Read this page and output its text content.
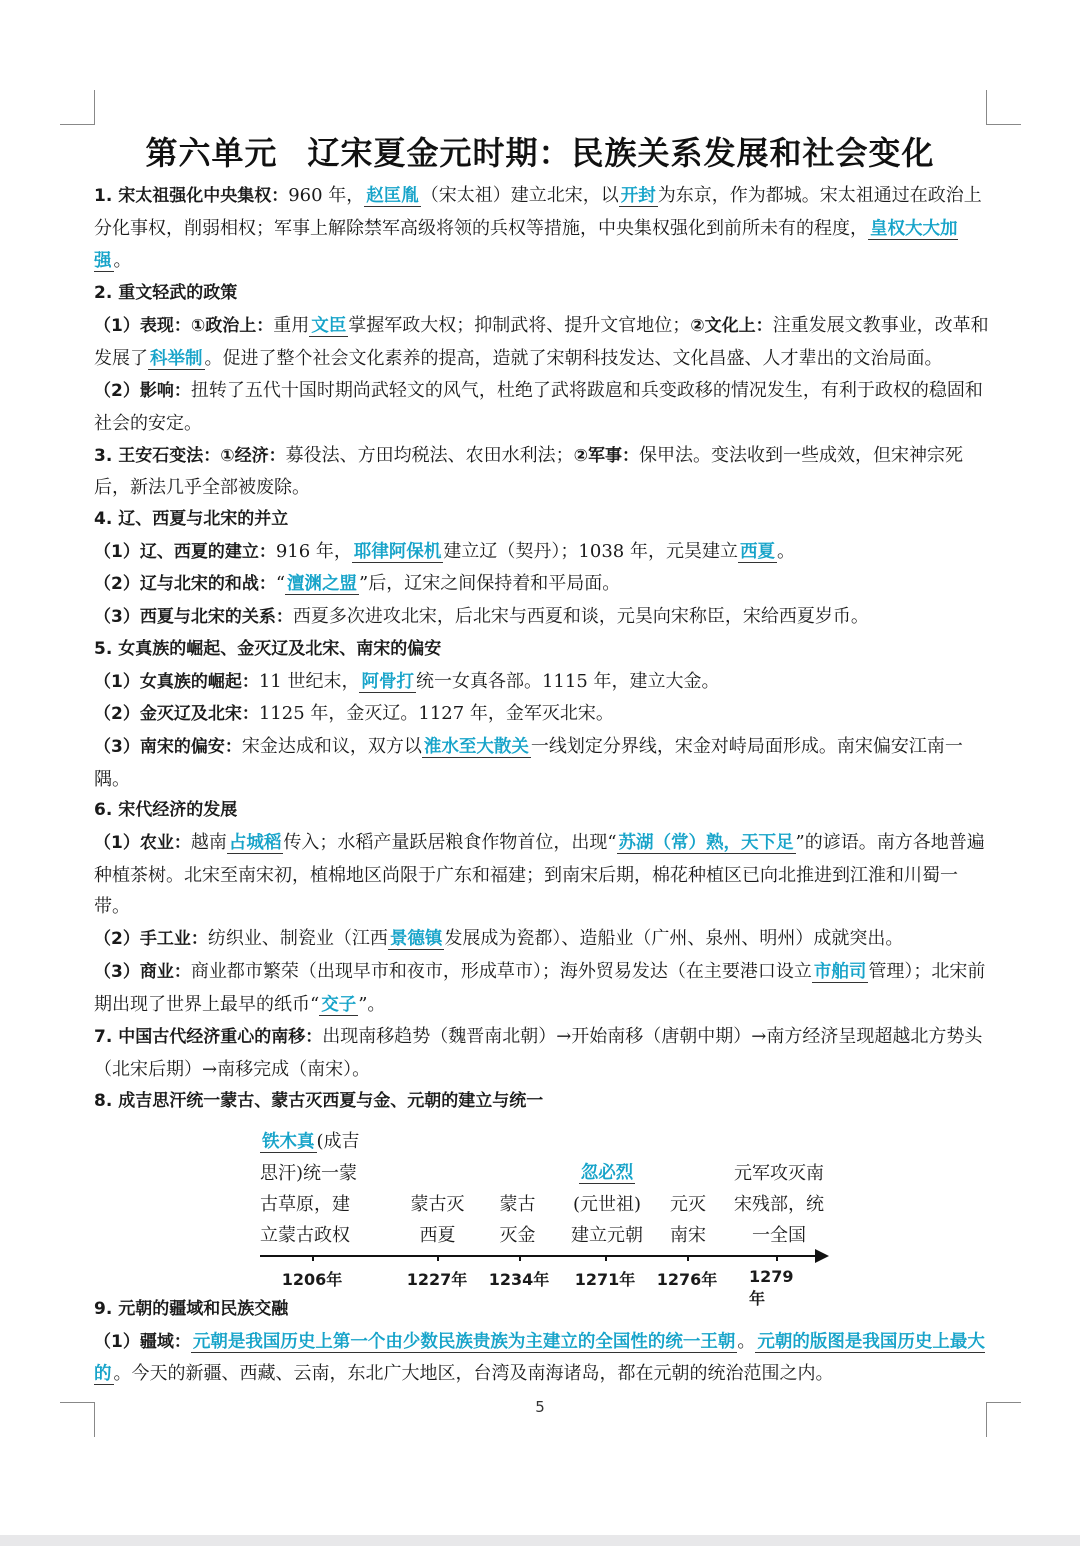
第六单元 辽宋夏金元时期：民族关系发展和社会变化

1. 宋太祖强化中央集权：960 年， 赵匡胤 （宋太祖）建立北宋，以 开封 为东京，作为都城。宋太祖通过在政治上分化事权，削弱相权；军事上解除禁军高级将领的兵权等措施，中央集权强化到前所未有的程度， 皇权大大加强 。

2. 重文轻武的政策

（1）表现：①政治上：重用 文臣 掌握军政大权；抑制武将、提升文官地位；②文化上：注重发展文教事业，改革和发展了 科举制 。促进了整个社会文化素养的提高，造就了宋朝科技发达、文化昌盛、人才辈出的文治局面。

（2）影响：扭转了五代十国时期尚武轻文的风气，杜绝了武将跋扈和兵变政移的情况发生，有利于政权的稳固和社会的安定。

3. 王安石变法：①经济：募役法、方田均税法、农田水利法；②军事：保甲法。变法收到一些成效，但宋神宗死后，新法几乎全部被废除。

4. 辽、西夏与北宋的并立

（1）辽、西夏的建立：916 年， 耶律阿保机 建立辽（契丹）；1038 年，元昊建立 西夏 。

（2）辽与北宋的和战：“ 澶渊之盟 ”后，辽宋之间保持着和平局面。

（3）西夏与北宋的关系：西夏多次进攻北宋，后北宋与西夏和谈，元昊向宋称臣，宋给西夏岁币。

5. 女真族的崛起、金灭辽及北宋、南宋的偏安

（1）女真族的崛起：11 世纪末， 阿骨打 统一女真各部。1115 年，建立大金。

（2）金灭辽及北宋：1125 年，金灭辽。1127 年，金军灭北宋。

（3）南宋的偏安：宋金达成和议，双方以 淮水至大散关 一线划定分界线，宋金对峙局面形成。南宋偏安江南一隅。

6. 宋代经济的发展

（1）农业：越南 占城稻 传入；水稻产量跃居粮食作物首位，出现“ 苏湖（常）熟，天下足 ”的谚语。南方各地普遍种植茶树。北宋至南宋初，植棉地区尚限于广东和福建；到南宋后期，棉花种植区已向北推进到江淮和川蜀一带。

（2）手工业：纺织业、制瓷业（江西 景德镇 发展成为瓷都）、造船业（广州、泉州、明州）成就突出。

（3）商业：商业都市繁荣（出现早市和夜市，形成草市）；海外贸易发达（在主要港口设立 市舶司 管理）；北宋前期出现了世界上最早的纸币“ 交子 ”。

7. 中国古代经济重心的南移：出现南移趋势（魏晋南北朝）→开始南移（唐朝中期）→南方经济呈现超越北方势头（北宋后期）→南移完成（南宋）。

8. 成吉思汗统一蒙古、蒙古灭西夏与金、元朝的建立与统一

铁木真 (成吉
思汗)统一蒙
古草原，建
立蒙古政权
蒙古灭
西夏
蒙古
灭金
忽必烈
(元世祖)
建立元朝
元灭
南宋
元军攻灭南
宋残部，统
一全国
1206年	1227年 1234年 1271年 1276年 1279年

9. 元朝的疆域和民族交融

（1）疆域： 元朝是我国历史上第一个由少数民族贵族为主建立的全国性的统一王朝 。 元朝的版图是我国历史上最大的 。今天的新疆、西藏、云南，东北广大地区，台湾及南海诸岛，都在元朝的统治范围之内。

5
